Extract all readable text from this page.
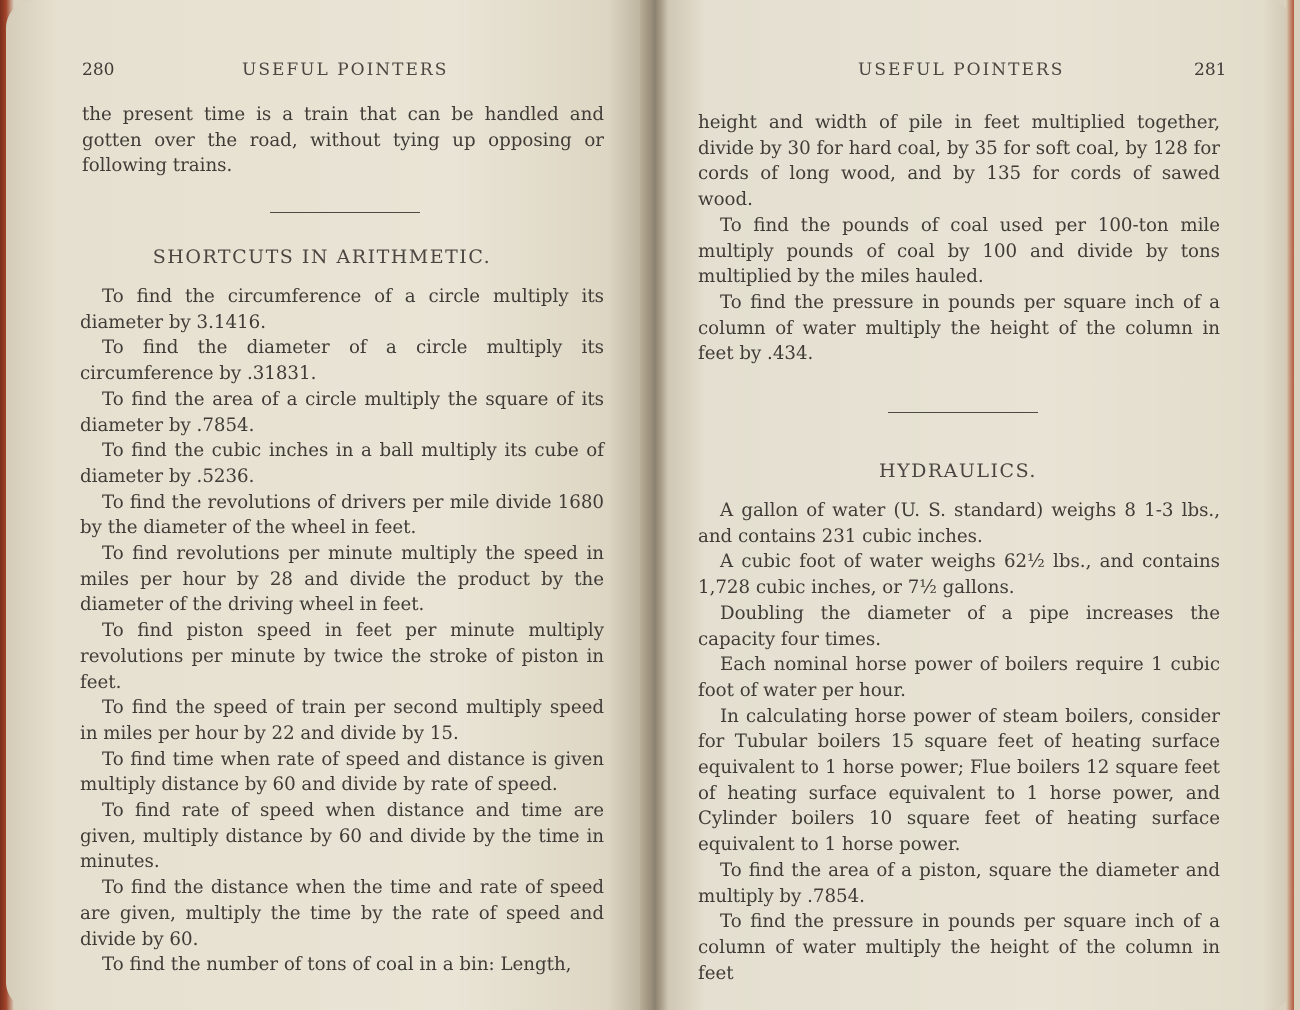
280	USEFUL POINTERS

the present time is a train that can be handled and gotten over the road, without tying up opposing or following trains.

SHORTCUTS IN ARITHMETIC.

To find the circumference of a circle multiply its diameter by 3.1416.

To find the diameter of a circle multiply its circumference by .31831.

To find the area of a circle multiply the square of its diameter by .7854.

To find the cubic inches in a ball multiply its cube of diameter by .5236.

To find the revolutions of drivers per mile divide 1680 by the diameter of the wheel in feet.

To find revolutions per minute multiply the speed in miles per hour by 28 and divide the product by the diameter of the driving wheel in feet.

To find piston speed in feet per minute multiply revolutions per minute by twice the stroke of piston in feet.

To find the speed of train per second multiply speed in miles per hour by 22 and divide by 15.

To find time when rate of speed and distance is given multiply distance by 60 and divide by rate of speed.

To find rate of speed when distance and time are given, multiply distance by 60 and divide by the time in minutes.

To find the distance when the time and rate of speed are given, multiply the time by the rate of speed and divide by 60.

To find the number of tons of coal in a bin: Length,

USEFUL POINTERS	281

height and width of pile in feet multiplied together, divide by 30 for hard coal, by 35 for soft coal, by 128 for cords of long wood, and by 135 for cords of sawed wood.

To find the pounds of coal used per 100-ton mile multiply pounds of coal by 100 and divide by tons multiplied by the miles hauled.

To find the pressure in pounds per square inch of a column of water multiply the height of the column in feet by .434.

HYDRAULICS.

A gallon of water (U. S. standard) weighs 8 1-3 lbs., and contains 231 cubic inches.

A cubic foot of water weighs 62½ lbs., and contains 1,728 cubic inches, or 7½ gallons.

Doubling the diameter of a pipe increases the capacity four times.

Each nominal horse power of boilers require 1 cubic foot of water per hour.

In calculating horse power of steam boilers, consider for Tubular boilers 15 square feet of heating surface equivalent to 1 horse power; Flue boilers 12 square feet of heating surface equivalent to 1 horse power, and Cylinder boilers 10 square feet of heating surface equivalent to 1 horse power.

To find the area of a piston, square the diameter and multiply by .7854.

To find the pressure in pounds per square inch of a column of water multiply the height of the column in feet
